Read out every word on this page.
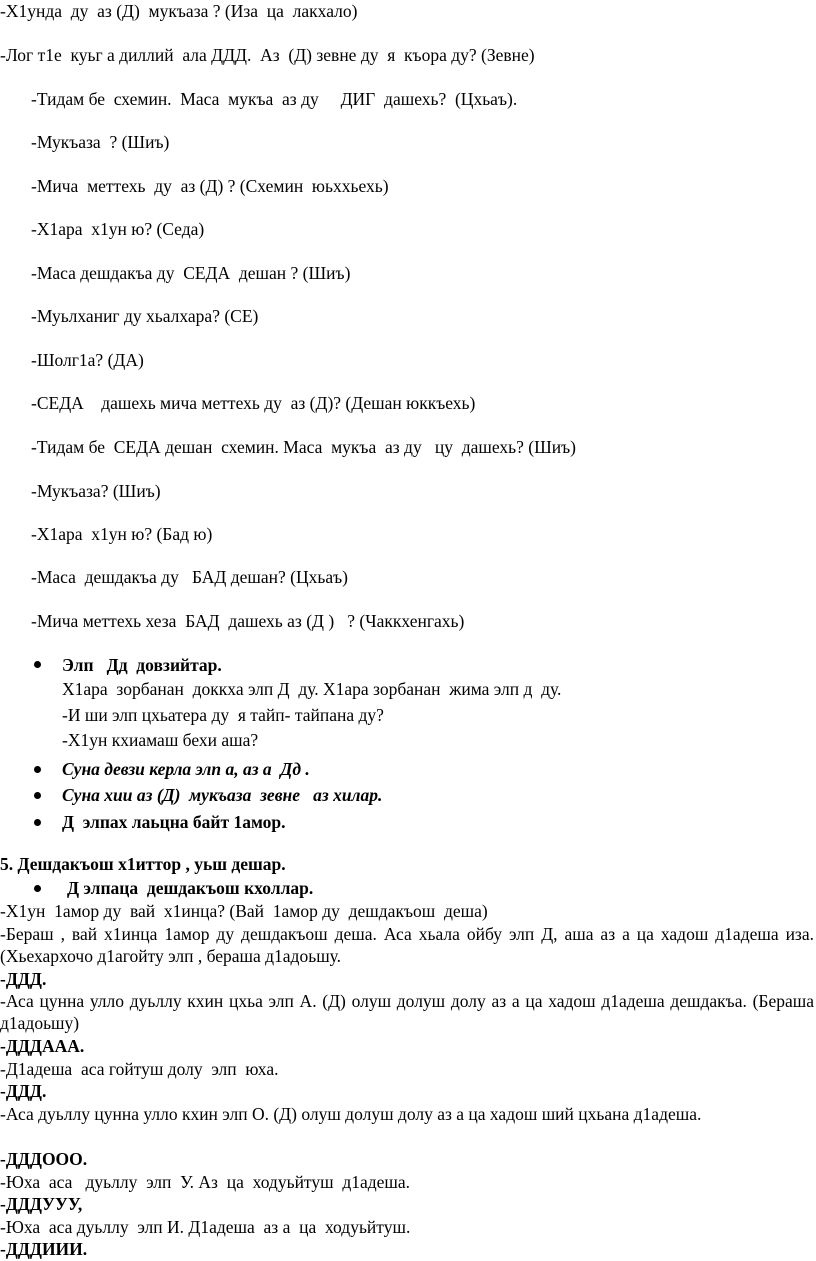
-Х1унда  ду  аз (Д)  мукъаза ? (Иза  ца  лакхало)
-Лог т1е  куьг а диллий  ала ДДД.  Аз  (Д) зевне ду  я  къора ду? (Зевне)
-Тидам бе  схемин.  Маса  мукъа  аз ду     ДИГ  дашехь?  (Цхьаъ).
-Мукъаза  ? (Шиъ)
-Мича  меттехь  ду  аз (Д) ? (Схемин  юьххьехь)
-Х1ара  х1ун ю? (Седа)
-Маса дешдакъа ду  СЕДА  дешан ? (Шиъ)
-Муьлханиг ду хьалхара? (СЕ)
-Шолг1а? (ДА)
-СЕДА    дашехь мича меттехь ду  аз (Д)? (Дешан юккъехь)
-Тидам бе  СЕДА дешан  схемин. Маса  мукъа  аз ду   цу  дашехь? (Шиъ)
-Мукъаза? (Шиъ)
-Х1ара  х1ун ю? (Бад ю)
-Маса  дешдакъа ду   БАД дешан? (Цхьаъ)
-Мича меттехь хеза  БАД  дашехь аз (Д )   ? (Чаккхенгахь)
Элп   Дд  довзийтар.
Х1ара  зорбанан  доккха элп Д  ду. Х1ара зорбанан  жима элп д  ду.
-И ши элп цхьатера ду  я тайп- тайпана ду?
-Х1ун кхиамаш бехи аша?
Суна девзи керла элп а, аз а  Дд .
Суна хии аз (Д)  мукъаза  зевне   аз хилар.
Д  элпах лаьцна байт 1амор.
5. Дешдакъош х1иттор , уьш дешар.
Д элпаца  дешдакъош кхоллар.
-Х1ун  1амор ду  вай  х1инца? (Вай  1амор ду  дешдакъош  деша)
-Бераш , вай х1инца 1амор ду дешдакъош деша. Аса хьала ойбу элп Д, аша аз а ца хадош д1адеша иза. (Хьехархочо д1агойту элп , бераша д1адоьшу.
-ДДД.
-Аса цунна улло дуьллу кхин цхьа элп А. (Д) олуш долуш долу аз а ца хадош д1адеша дешдакъа. (Бераша д1адоьшу)
-ДДДААА.
-Д1адеша  аса гойтуш долу  элп  юха.
-ДДД.
-Аса дуьллу цунна улло кхин элп О. (Д) олуш долуш долу аз а ца хадош ший цхьана д1адеша.
-ДДДООО.
-Юха  аса   дуьллу  элп  У. Аз  ца  ходуьйтуш  д1адеша.
-ДДДУУУ,
-Юха  аса дуьллу  элп И. Д1адеша  аз а  ца  ходуьйтуш.
-ДДДИИИ.
